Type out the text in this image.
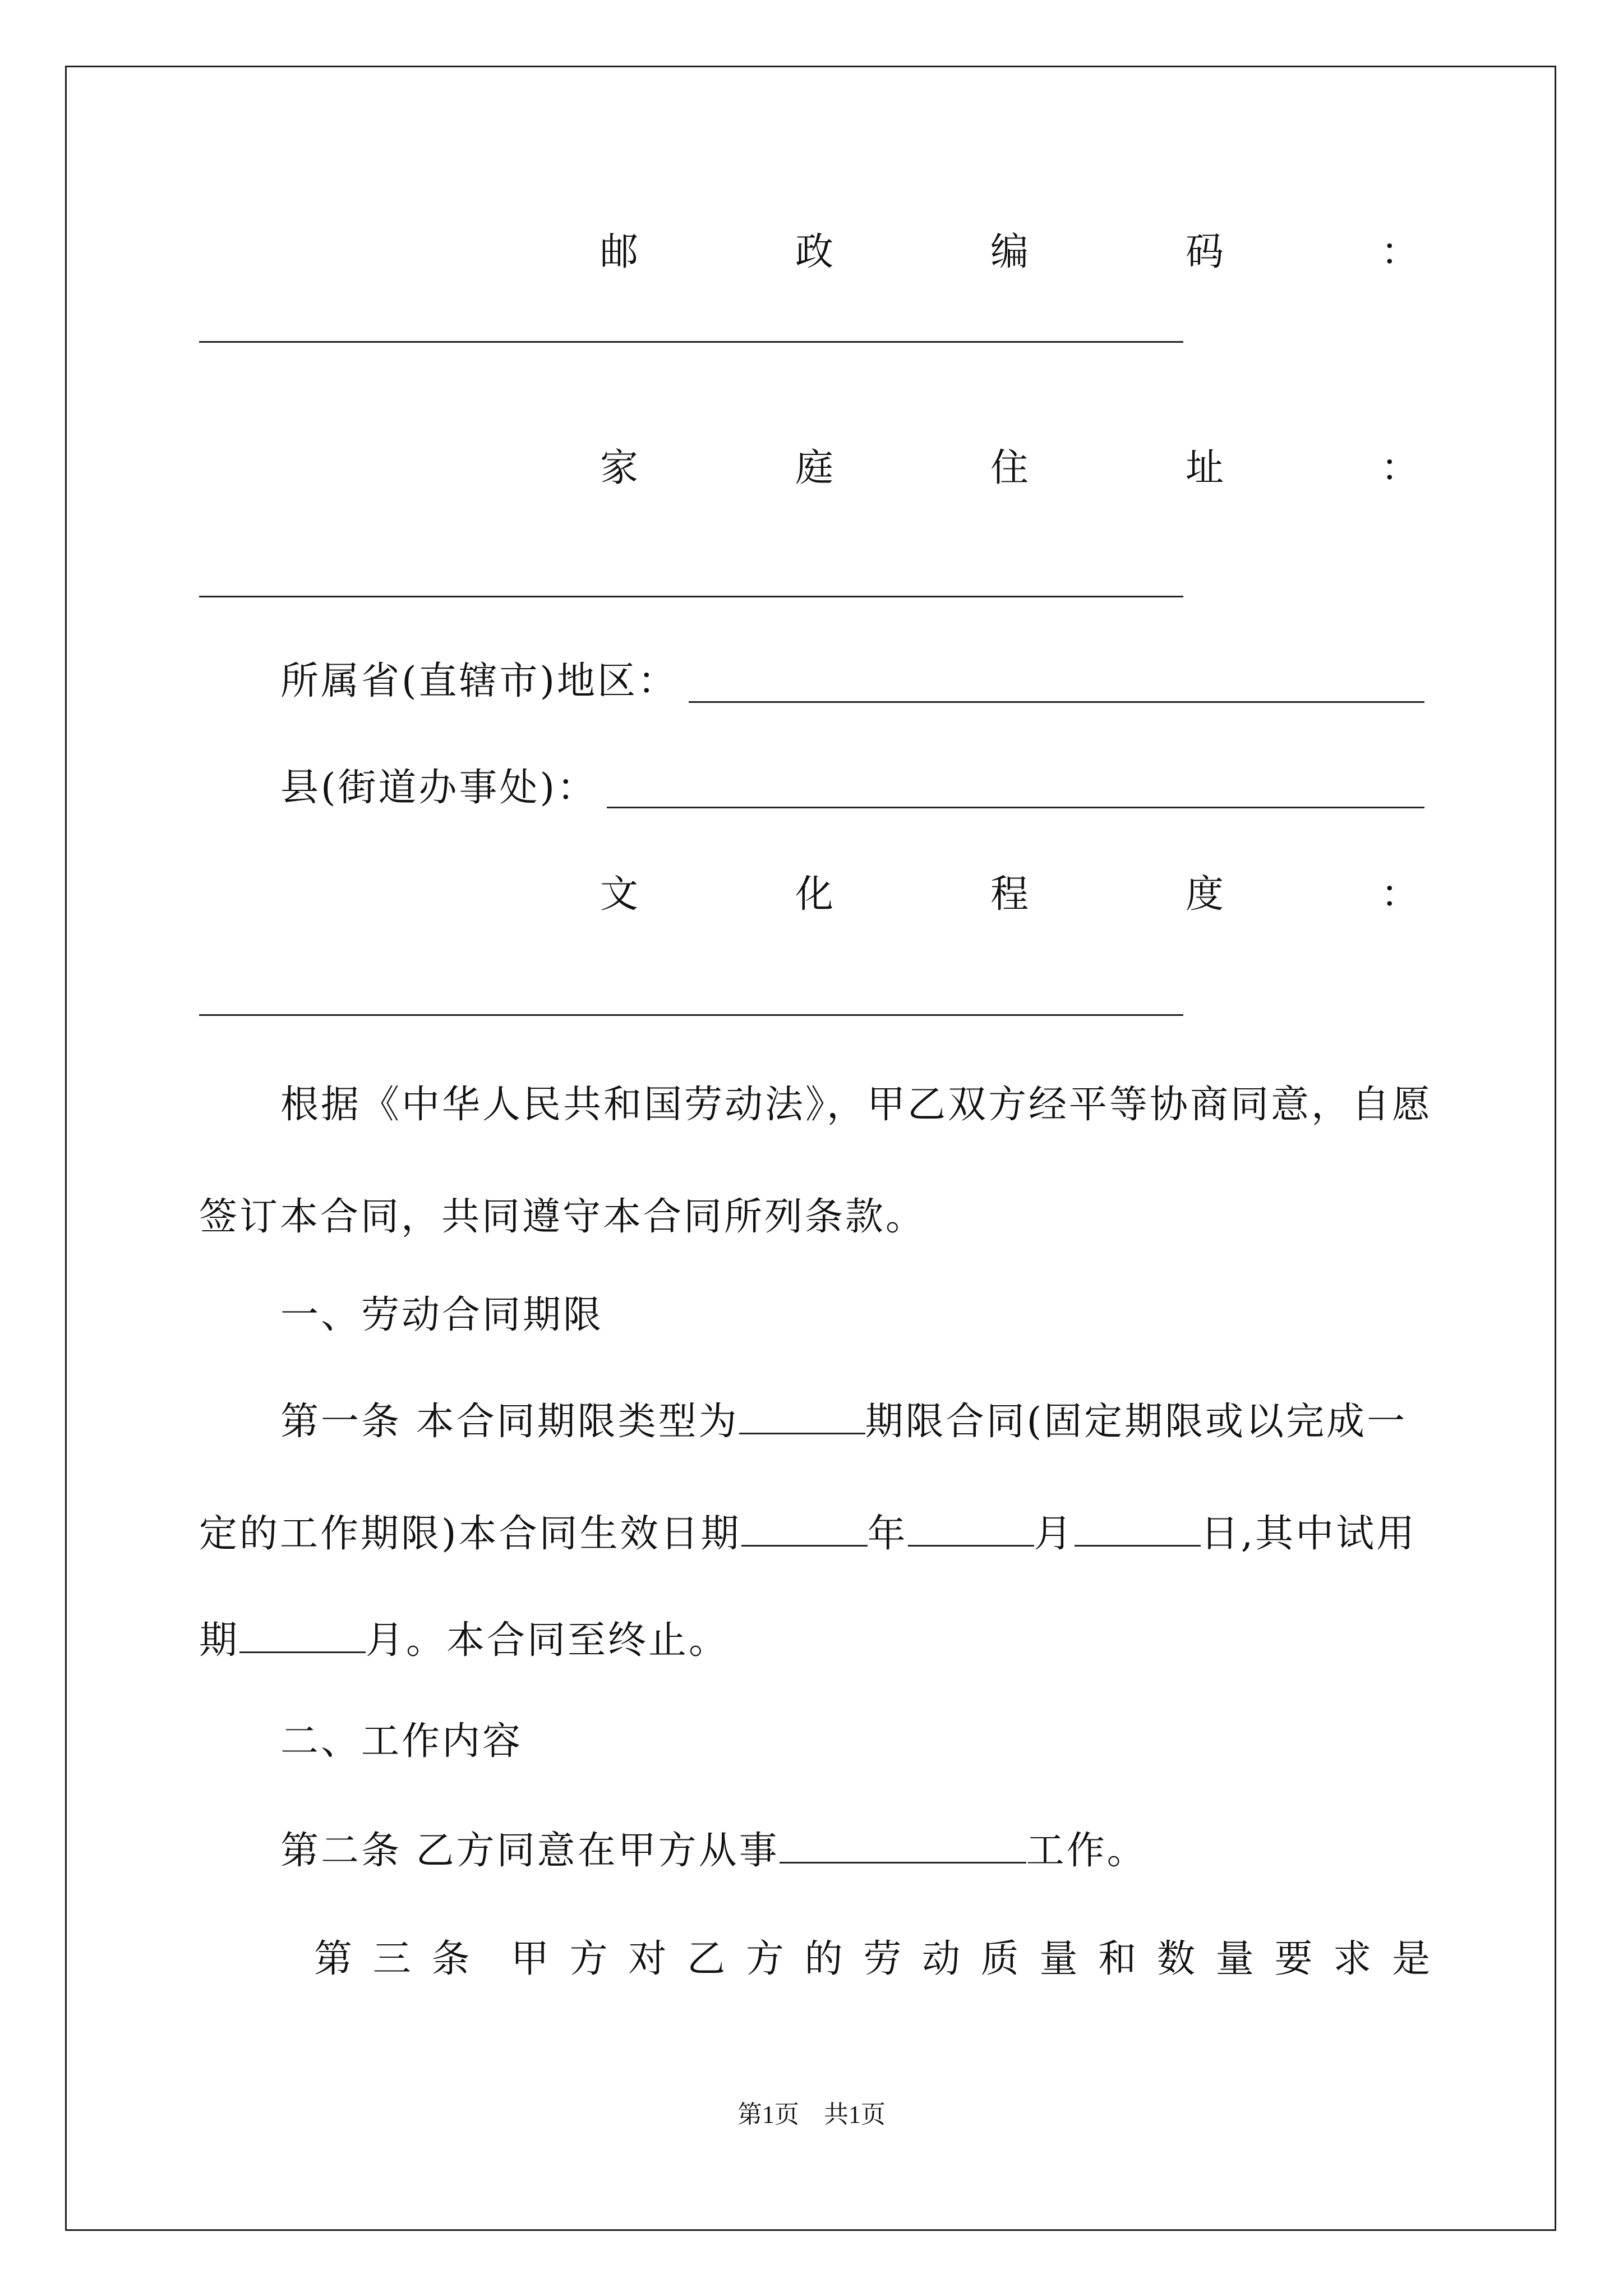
邮	政	编	码	：
家	庭	住	址	：
所属省(直辖市)地区：
县(街道办事处)：
文	化	程	度	：
根据《中华人民共和国劳动法》，甲乙双方经平等协商同意，自愿
签订本合同，共同遵守本合同所列条款。
一、劳动合同期限
第一条 本合同期限类型为	期限合同(固定期限或以完成一
定的工作期限)本合同生效日期	年	月	日,其中试用
期	月。本合同至终止。
二、工作内容
第二条 乙方同意在甲方从事	工作。
第 三 条 甲 方 对 乙 方 的 劳 动 质 量 和 数 量 要 求 是
第1页　共1页
